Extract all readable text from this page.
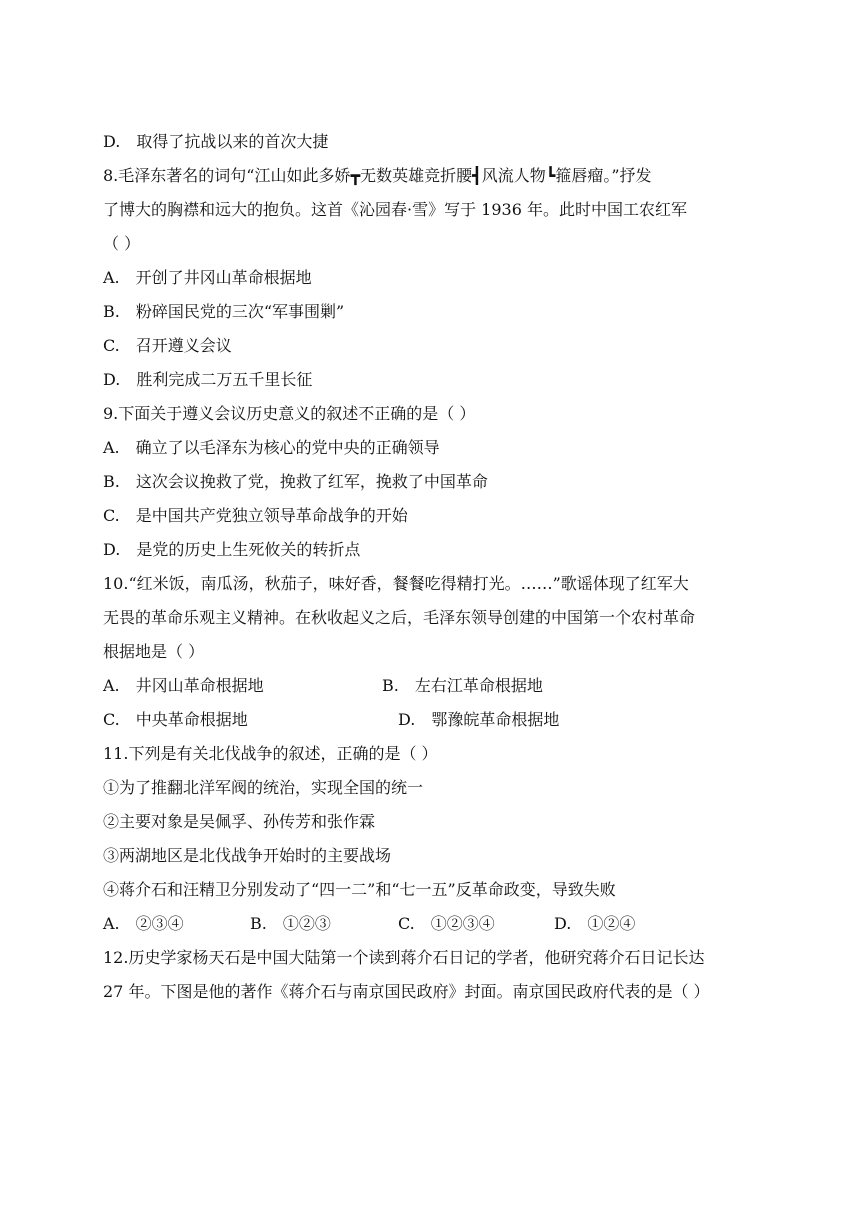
D.　取得了抗战以来的首次大捷
8.毛泽东著名的词句“江山如此多娇┳无数英雄竞折腰┫风流人物┗箍唇瘤。”抒发
了博大的胸襟和远大的抱负。这首《沁园春·雪》写于 1936 年。此时中国工农红军
（ ）
A.　开创了井冈山革命根据地
B.　粉碎国民党的三次“军事围剿”
C.　召开遵义会议
D.　胜利完成二万五千里长征
9.下面关于遵义会议历史意义的叙述不正确的是（ ）
A.　确立了以毛泽东为核心的党中央的正确领导
B.　这次会议挽救了党，挽救了红军，挽救了中国革命
C.　是中国共产党独立领导革命战争的开始
D.　是党的历史上生死攸关的转折点
10.“红米饭，南瓜汤，秋茄子，味好香，餐餐吃得精打光。……”歌谣体现了红军大
无畏的革命乐观主义精神。在秋收起义之后，毛泽东领导创建的中国第一个农村革命
根据地是（ ）
A.　井冈山革命根据地	B.　左右江革命根据地
C.　中央革命根据地	D.　鄂豫皖革命根据地
11.下列是有关北伐战争的叙述，正确的是（ ）
①为了推翻北洋军阀的统治，实现全国的统一
②主要对象是吴佩孚、孙传芳和张作霖
③两湖地区是北伐战争开始时的主要战场
④蒋介石和汪精卫分别发动了“四一二”和“七一五”反革命政变，导致失败
A.　②③④	B.　①②③	C.　①②③④	D.　①②④
12.历史学家杨天石是中国大陆第一个读到蒋介石日记的学者，他研究蒋介石日记长达
27 年。下图是他的著作《蒋介石与南京国民政府》封面。南京国民政府代表的是（ ）
